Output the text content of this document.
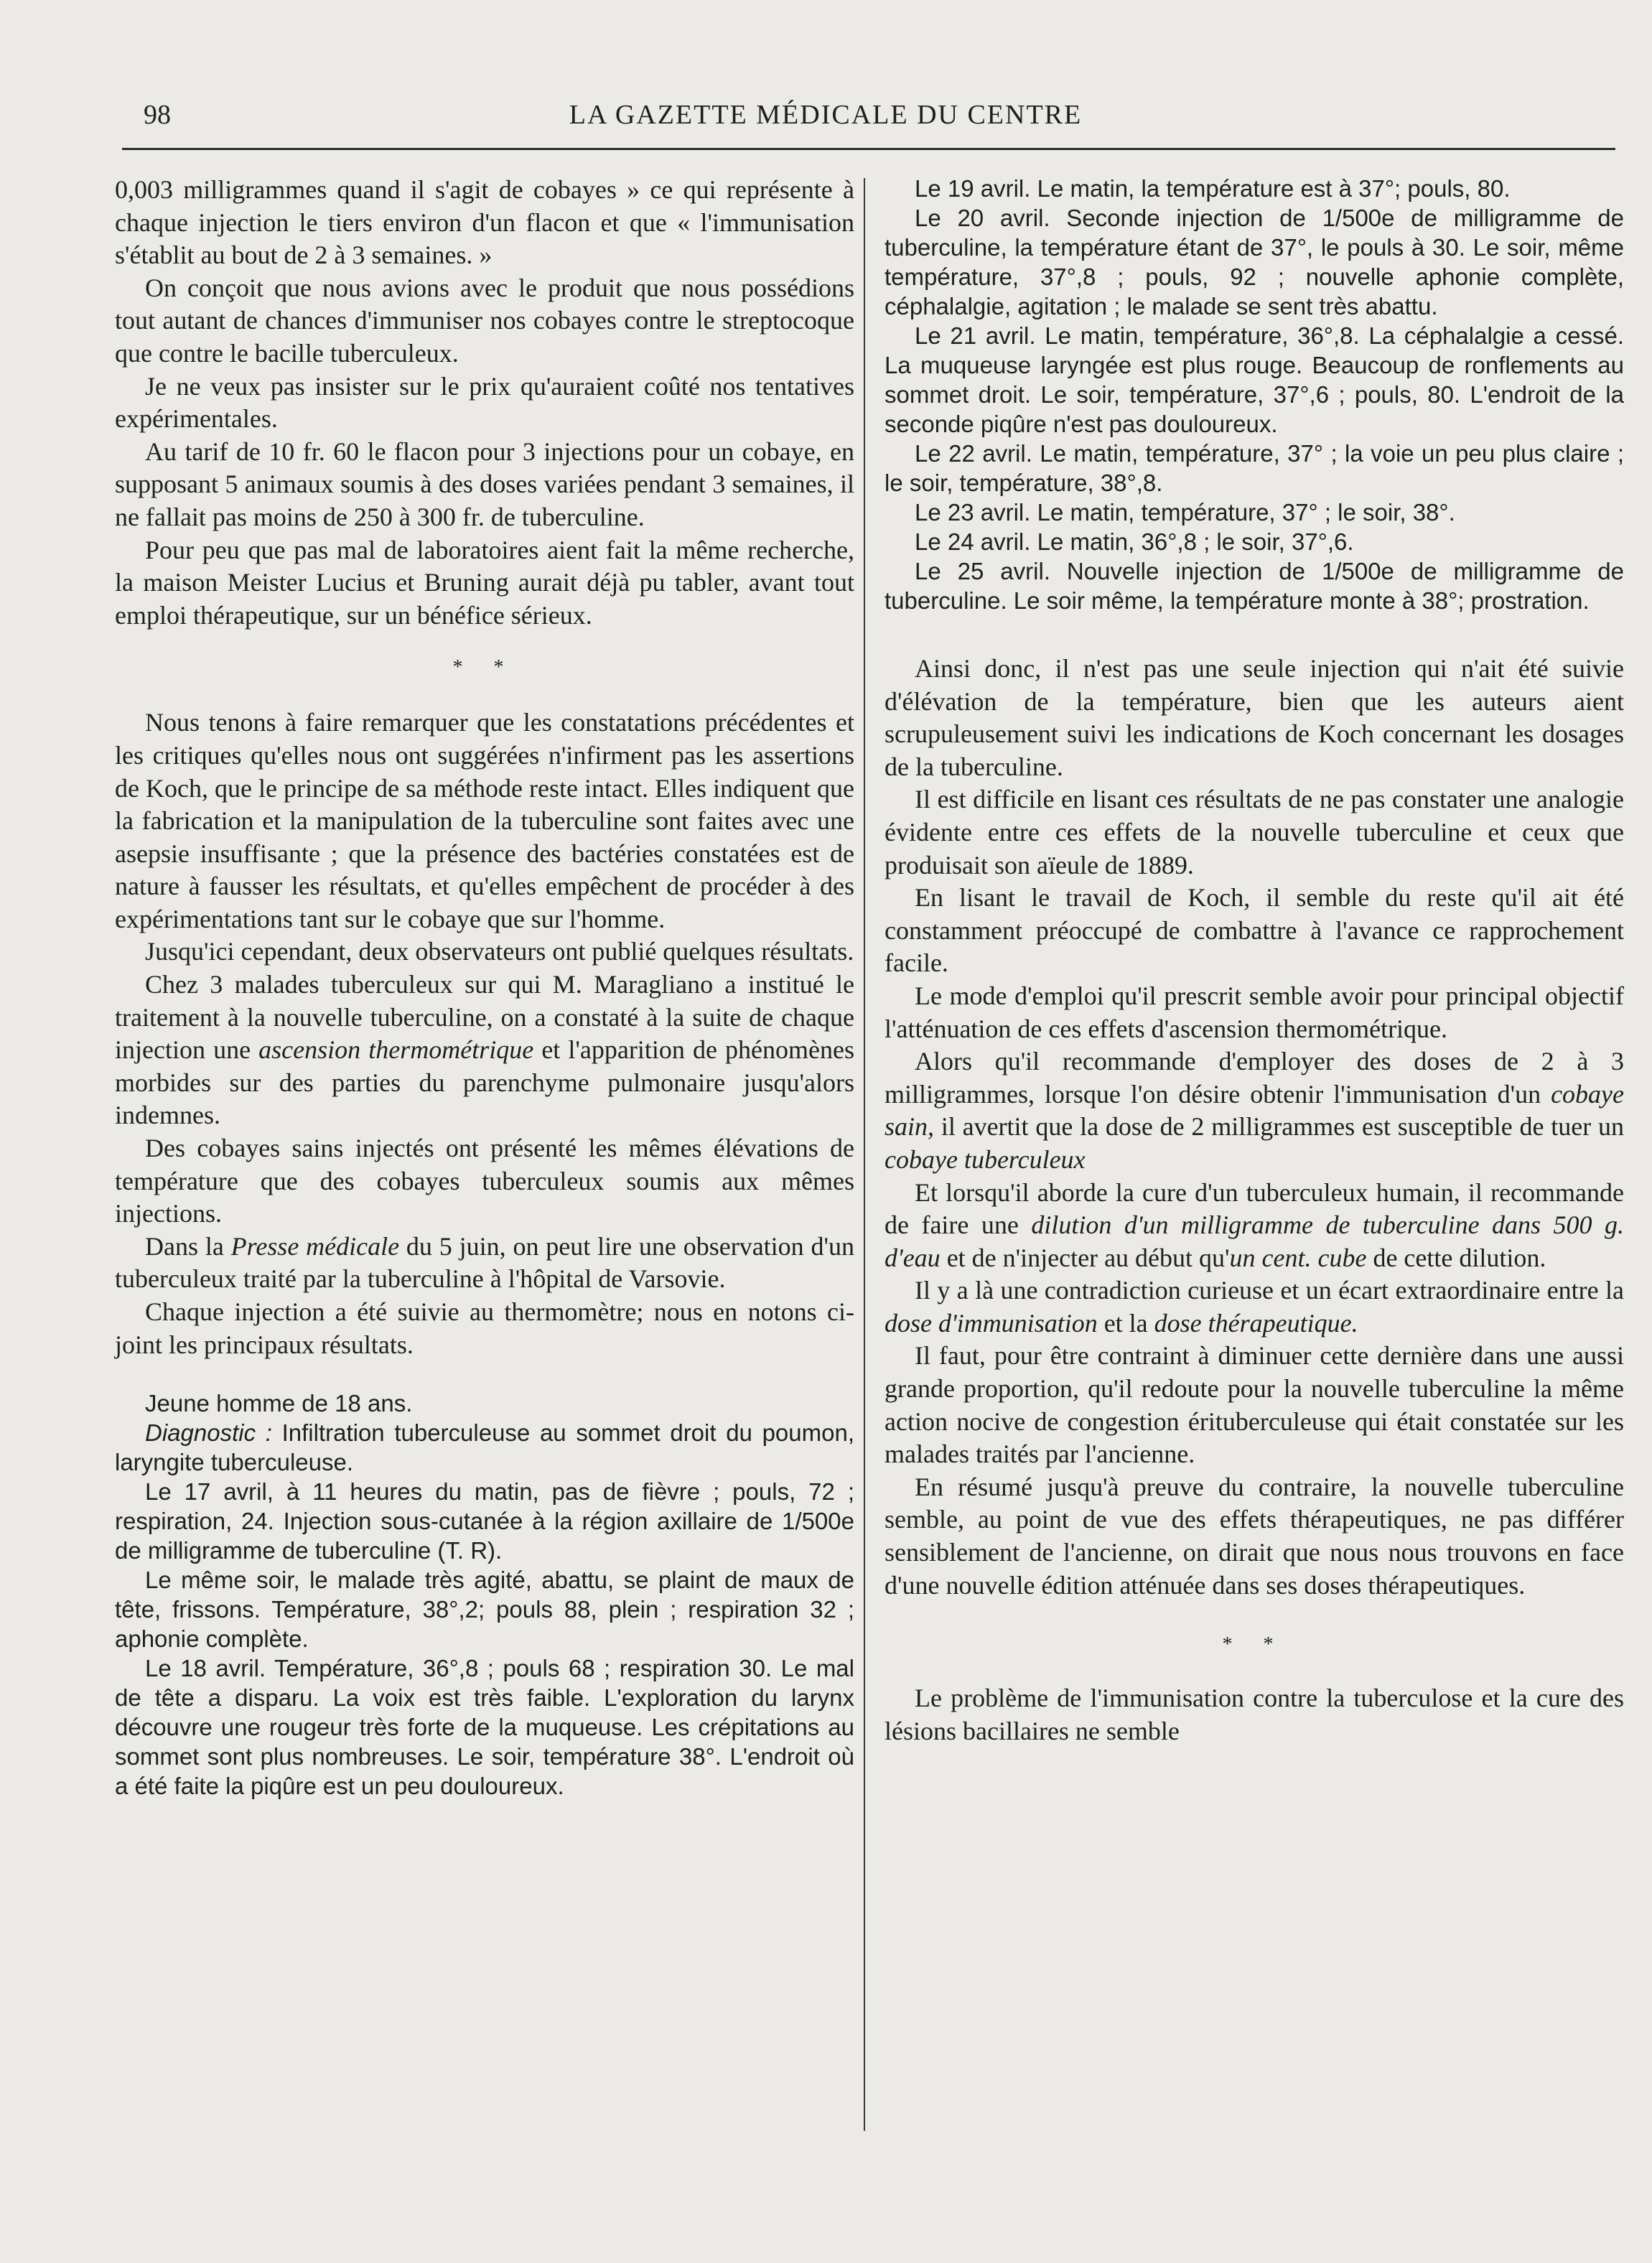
98	LA GAZETTE MÉDICALE DU CENTRE

0,003 milligrammes quand il s'agit de cobayes » ce qui représente à chaque injection le tiers environ d'un flacon et que « l'immunisation s'établit au bout de 2 à 3 semaines. »

On conçoit que nous avions avec le produit que nous possédions tout autant de chances d'immuniser nos cobayes contre le streptocoque que contre le bacille tuberculeux.

Je ne veux pas insister sur le prix qu'auraient coûté nos tentatives expérimentales.

Au tarif de 10 fr. 60 le flacon pour 3 injections pour un cobaye, en supposant 5 animaux soumis à des doses variées pendant 3 semaines, il ne fallait pas moins de 250 à 300 fr. de tuberculine.

Pour peu que pas mal de laboratoires aient fait la même recherche, la maison Meister Lucius et Bruning aurait déjà pu tabler, avant tout emploi thérapeutique, sur un bénéfice sérieux.

* *

Nous tenons à faire remarquer que les constatations précédentes et les critiques qu'elles nous ont suggérées n'infirment pas les assertions de Koch, que le principe de sa méthode reste intact. Elles indiquent que la fabrication et la manipulation de la tuberculine sont faites avec une asepsie insuffisante ; que la présence des bactéries constatées est de nature à fausser les résultats, et qu'elles empêchent de procéder à des expérimentations tant sur le cobaye que sur l'homme.

Jusqu'ici cependant, deux observateurs ont publié quelques résultats.

Chez 3 malades tuberculeux sur qui M. Maragliano a institué le traitement à la nouvelle tuberculine, on a constaté à la suite de chaque injection une ascension thermométrique et l'apparition de phénomènes morbides sur des parties du parenchyme pulmonaire jusqu'alors indemnes.

Des cobayes sains injectés ont présenté les mêmes élévations de température que des cobayes tuberculeux soumis aux mêmes injections.

Dans la Presse médicale du 5 juin, on peut lire une observation d'un tuberculeux traité par la tuberculine à l'hôpital de Varsovie.

Chaque injection a été suivie au thermomètre; nous en notons ci-joint les principaux résultats.

Jeune homme de 18 ans.

Diagnostic : Infiltration tuberculeuse au sommet droit du poumon, laryngite tuberculeuse.

Le 17 avril, à 11 heures du matin, pas de fièvre ; pouls, 72 ; respiration, 24. Injection sous-cutanée à la région axillaire de 1/500e de milligramme de tuberculine (T. R).

Le même soir, le malade très agité, abattu, se plaint de maux de tête, frissons. Température, 38°,2; pouls 88, plein ; respiration 32 ; aphonie complète.

Le 18 avril. Température, 36°,8 ; pouls 68 ; respiration 30. Le mal de tête a disparu. La voix est très faible. L'exploration du larynx découvre une rougeur très forte de la muqueuse. Les crépitations au sommet sont plus nombreuses. Le soir, température 38°. L'endroit où a été faite la piqûre est un peu douloureux.

Le 19 avril. Le matin, la température est à 37°; pouls, 80.

Le 20 avril. Seconde injection de 1/500e de milligramme de tuberculine, la température étant de 37°, le pouls à 30. Le soir, même température, 37°,8 ; pouls, 92 ; nouvelle aphonie complète, céphalalgie, agitation ; le malade se sent très abattu.

Le 21 avril. Le matin, température, 36°,8. La céphalalgie a cessé. La muqueuse laryngée est plus rouge. Beaucoup de ronflements au sommet droit. Le soir, température, 37°,6 ; pouls, 80. L'endroit de la seconde piqûre n'est pas douloureux.

Le 22 avril. Le matin, température, 37° ; la voie un peu plus claire ; le soir, température, 38°,8.

Le 23 avril. Le matin, température, 37° ; le soir, 38°.

Le 24 avril. Le matin, 36°,8 ; le soir, 37°,6.

Le 25 avril. Nouvelle injection de 1/500e de milligramme de tuberculine. Le soir même, la température monte à 38°; prostration.

Ainsi donc, il n'est pas une seule injection qui n'ait été suivie d'élévation de la température, bien que les auteurs aient scrupuleusement suivi les indications de Koch concernant les dosages de la tuberculine.

Il est difficile en lisant ces résultats de ne pas constater une analogie évidente entre ces effets de la nouvelle tuberculine et ceux que produisait son aïeule de 1889.

En lisant le travail de Koch, il semble du reste qu'il ait été constamment préoccupé de combattre à l'avance ce rapprochement facile.

Le mode d'emploi qu'il prescrit semble avoir pour principal objectif l'atténuation de ces effets d'ascension thermométrique.

Alors qu'il recommande d'employer des doses de 2 à 3 milligrammes, lorsque l'on désire obtenir l'immunisation d'un cobaye sain, il avertit que la dose de 2 milligrammes est susceptible de tuer un cobaye tuberculeux

Et lorsqu'il aborde la cure d'un tuberculeux humain, il recommande de faire une dilution d'un milligramme de tuberculine dans 500 g. d'eau et de n'injecter au début qu'un cent. cube de cette dilution.

Il y a là une contradiction curieuse et un écart extraordinaire entre la dose d'immunisation et la dose thérapeutique.

Il faut, pour être contraint à diminuer cette dernière dans une aussi grande proportion, qu'il redoute pour la nouvelle tuberculine la même action nocive de congestion érituberculeuse qui était constatée sur les malades traités par l'ancienne.

En résumé jusqu'à preuve du contraire, la nouvelle tuberculine semble, au point de vue des effets thérapeutiques, ne pas différer sensiblement de l'ancienne, on dirait que nous nous trouvons en face d'une nouvelle édition atténuée dans ses doses thérapeutiques.

* *

Le problème de l'immunisation contre la tuberculose et la cure des lésions bacillaires ne semble
